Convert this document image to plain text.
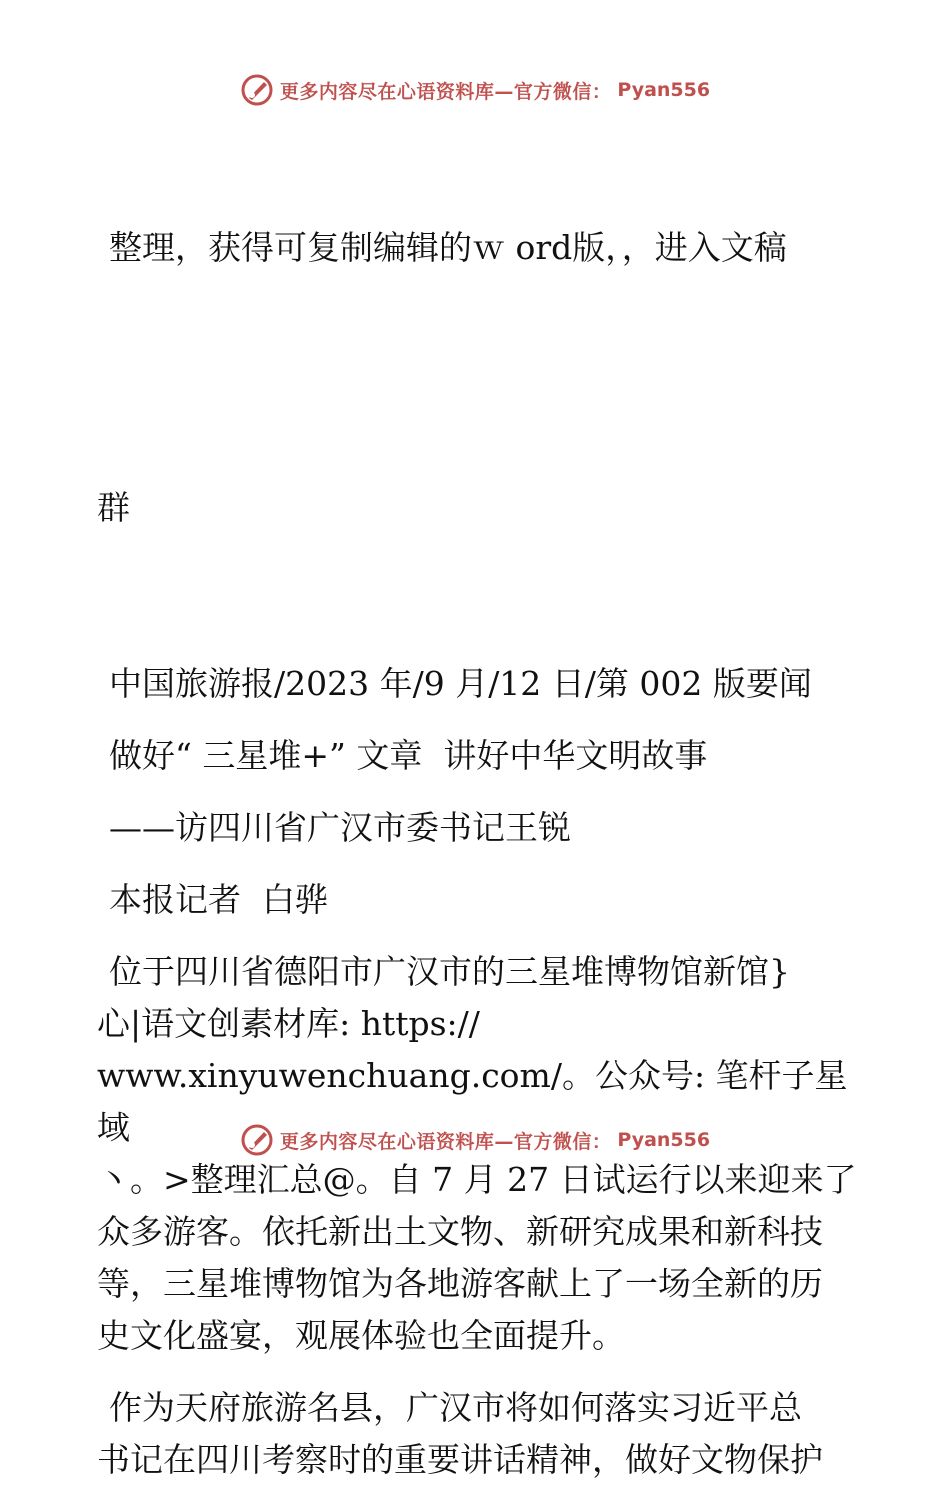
更多内容尽在心语资料库—官方微信： Pyan556

整理，获得可复制编辑的ｗ ord版，，进入文稿

群

中国旅游报/2023 年/9 月/12 日/第 002 版要闻

做好“ 三星堆+” 文章  讲好中华文明故事

——访四川省广汉市委书记王锐

本报记者  白骅

位于四川省德阳市广汉市的三星堆博物馆新馆}

心|语文创素材库: https://

www.xinyuwenchuang.com/。公众号: 笔杆子星域

丶。>整理汇总@。自 7 月 27 日试运行以来迎来了

众多游客。依托新出土文物、新研究成果和新科技

等，三星堆博物馆为各地游客献上了一场全新的历

史文化盛宴，观展体验也全面提升。

作为天府旅游名县，广汉市将如何落实习近平总

书记在四川考察时的重要讲话精神，做好文物保护

更多内容尽在心语资料库—官方微信： Pyan556
